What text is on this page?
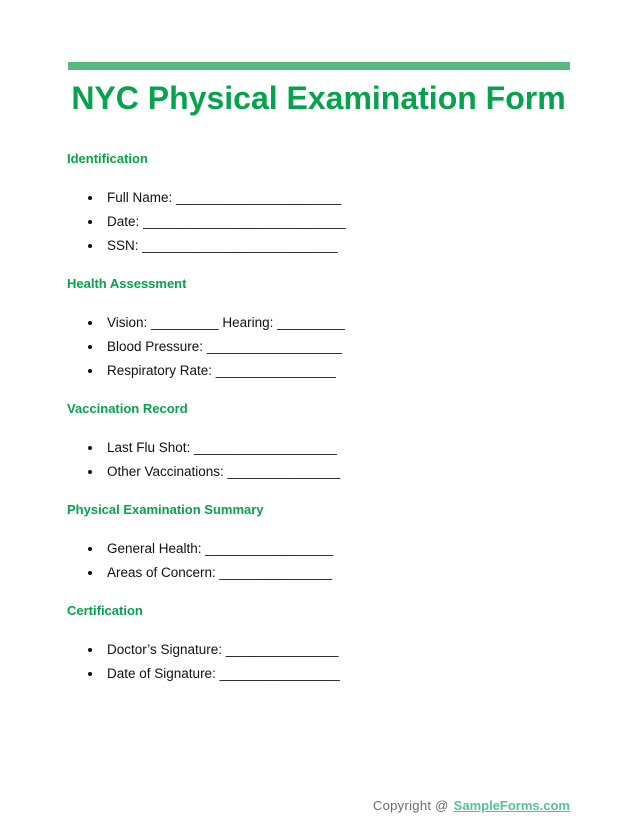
NYC Physical Examination Form
Identification
Full Name: ______________________
Date: ___________________________
SSN: __________________________
Health Assessment
Vision: _________ Hearing: _________
Blood Pressure: __________________
Respiratory Rate: ________________
Vaccination Record
Last Flu Shot: ___________________
Other Vaccinations: _______________
Physical Examination Summary
General Health: _________________
Areas of Concern: _______________
Certification
Doctor’s Signature: _______________
Date of Signature: ________________
Copyright @ SampleForms.com
